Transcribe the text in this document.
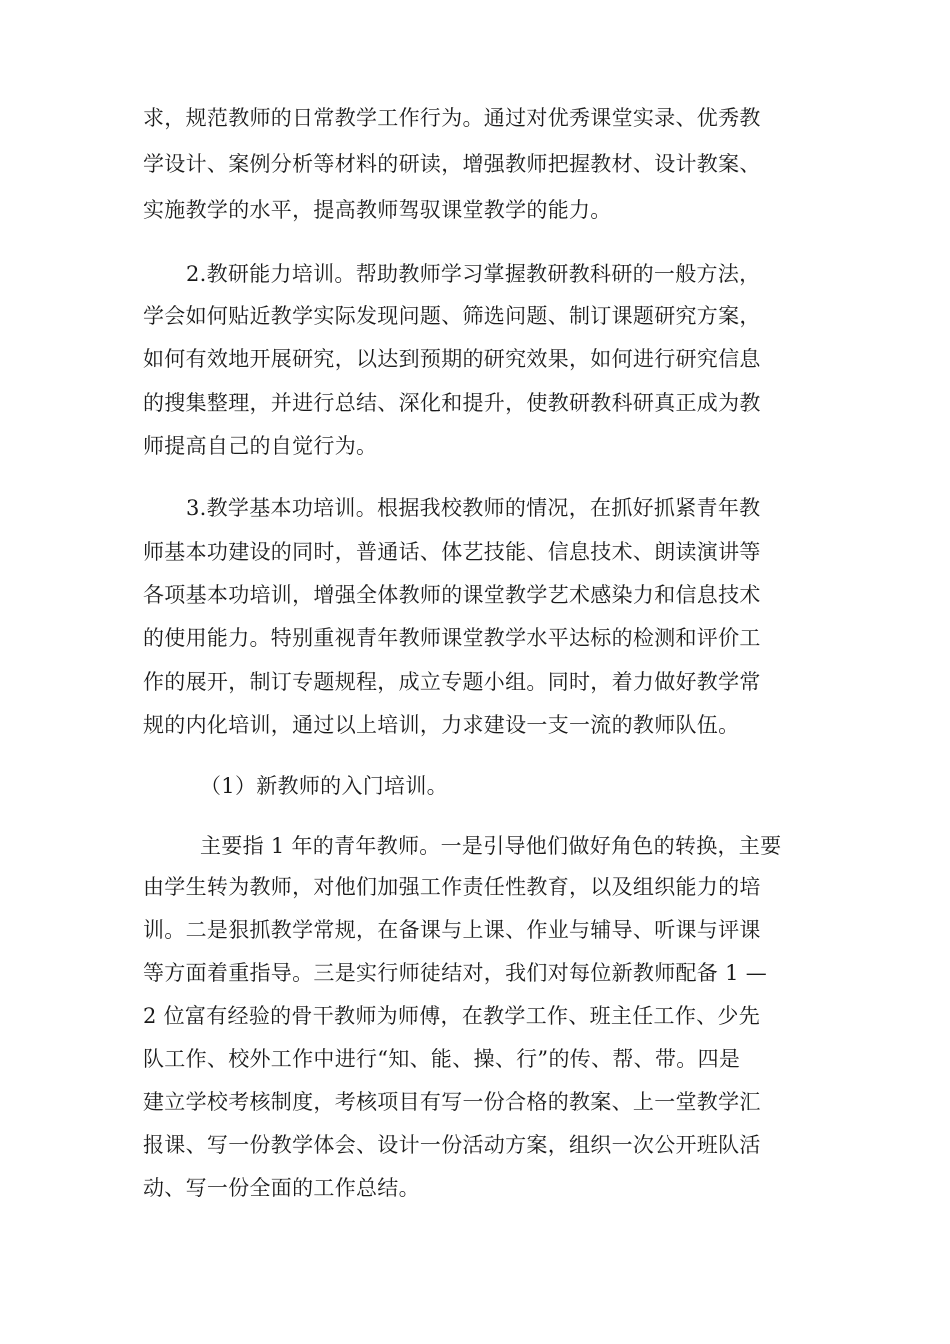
求，规范教师的日常教学工作行为。通过对优秀课堂实录、优秀教
学设计、案例分析等材料的研读，增强教师把握教材、设计教案、
实施教学的水平，提高教师驾驭课堂教学的能力。
2.教研能力培训。帮助教师学习掌握教研教科研的一般方法，
学会如何贴近教学实际发现问题、筛选问题、制订课题研究方案，
如何有效地开展研究，以达到预期的研究效果，如何进行研究信息
的搜集整理，并进行总结、深化和提升，使教研教科研真正成为教
师提高自己的自觉行为。
3.教学基本功培训。根据我校教师的情况，在抓好抓紧青年教
师基本功建设的同时，普通话、体艺技能、信息技术、朗读演讲等
各项基本功培训，增强全体教师的课堂教学艺术感染力和信息技术
的使用能力。特别重视青年教师课堂教学水平达标的检测和评价工
作的展开，制订专题规程，成立专题小组。同时，着力做好教学常
规的内化培训，通过以上培训，力求建设一支一流的教师队伍。
（1）新教师的入门培训。
主要指 1 年的青年教师。一是引导他们做好角色的转换，主要
由学生转为教师，对他们加强工作责任性教育，以及组织能力的培
训。二是狠抓教学常规，在备课与上课、作业与辅导、听课与评课
等方面着重指导。三是实行师徒结对，我们对每位新教师配备 1 —
2 位富有经验的骨干教师为师傅，在教学工作、班主任工作、少先
队工作、校外工作中进行“知、能、操、行”的传、帮、带。四是
建立学校考核制度，考核项目有写一份合格的教案、上一堂教学汇
报课、写一份教学体会、设计一份活动方案，组织一次公开班队活
动、写一份全面的工作总结。
